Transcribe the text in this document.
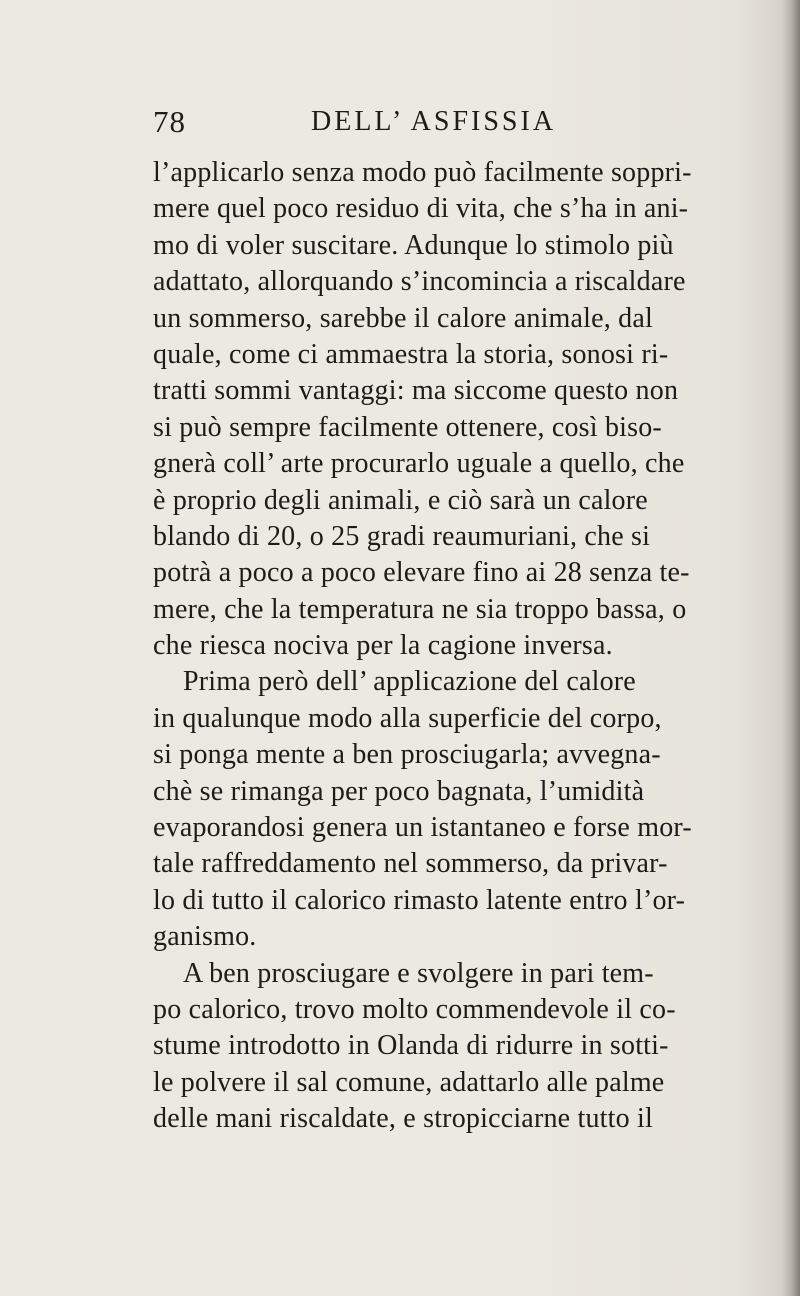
78	DELL’ ASFISSIA
l’applicarlo senza modo può facilmente soppri-
mere quel poco residuo di vita, che s’ha in ani-
mo di voler suscitare. Adunque lo stimolo più
adattato, allorquando s’incomincia a riscaldare
un sommerso, sarebbe il calore animale, dal
quale, come ci ammaestra la storia, sonosi ri-
tratti sommi vantaggi: ma siccome questo non
si può sempre facilmente ottenere, così biso-
gnerà coll’ arte procurarlo uguale a quello, che
è proprio degli animali, e ciò sarà un calore
blando di 20, o 25 gradi reaumuriani, che si
potrà a poco a poco elevare fino ai 28 senza te-
mere, che la temperatura ne sia troppo bassa, o
che riesca nociva per la cagione inversa.
Prima però dell’ applicazione del calore
in qualunque modo alla superficie del corpo,
si ponga mente a ben prosciugarla; avvegna-
chè se rimanga per poco bagnata, l’umidità
evaporandosi genera un istantaneo e forse mor-
tale raffreddamento nel sommerso, da privar-
lo di tutto il calorico rimasto latente entro l’or-
ganismo.
A ben prosciugare e svolgere in pari tem-
po calorico, trovo molto commendevole il co-
stume introdotto in Olanda di ridurre in sotti-
le polvere il sal comune, adattarlo alle palme
delle mani riscaldate, e stropicciarne tutto il
